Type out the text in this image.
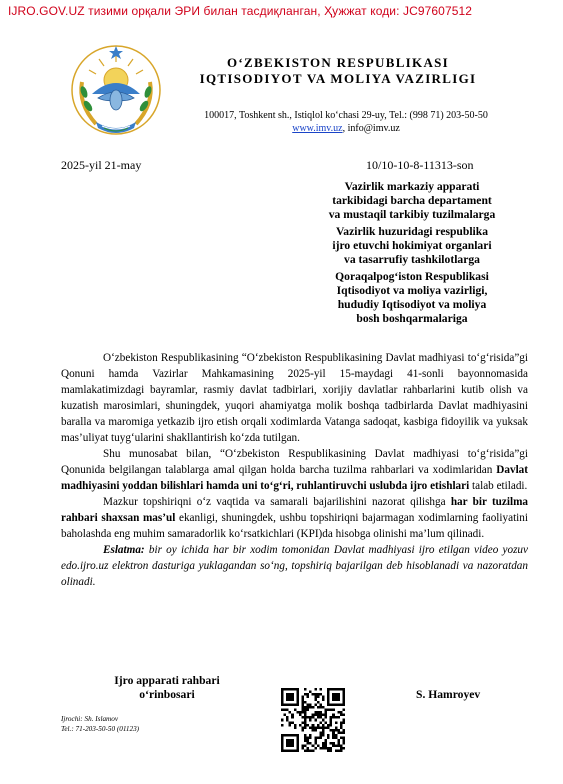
IJRO.GOV.UZ тизими орқали ЭРИ билан тасдиқланган, Ҳужжат коди: JC97607512
O‘ZBEKISTON RESPUBLIKASI
IQTISODIYOT VA MOLIYA VAZIRLIGI
100017, Toshkent sh., Istiqlol ko‘chasi 29-uy, Tel.: (998 71) 203-50-50
www.imv.uz, info@imv.uz
2025-yil 21-may	10/10-10-8-11313-son
Vazirlik markaziy apparati
tarkibidagi barcha departament
va mustaqil tarkibiy tuzilmalarga
Vazirlik huzuridagi respublika
ijro etuvchi hokimiyat organlari
va tasarrufiy tashkilotlarga
Qoraqalpog‘iston Respublikasi
Iqtisodiyot va moliya vazirligi,
hududiy Iqtisodiyot va moliya
bosh boshqarmalariga

O‘zbekiston Respublikasining “O‘zbekiston Respublikasining Davlat madhiyasi to‘g‘risida”gi Qonuni hamda Vazirlar Mahkamasining 2025-yil 15-maydagi 41-sonli bayonnomasida mamlakatimizdagi bayramlar, rasmiy davlat tadbirlari, xorijiy davlatlar rahbarlarini kutib olish va kuzatish marosimlari, shuningdek, yuqori ahamiyatga molik boshqa tadbirlarda Davlat madhiyasini baralla va maromiga yetkazib ijro etish orqali xodimlarda Vatanga sadoqat, kasbiga fidoyilik va yuksak mas’uliyat tuyg‘ularini shakllantirish ko‘zda tutilgan.

Shu munosabat bilan, “O‘zbekiston Respublikasining Davlat madhiyasi to‘g‘risida”gi Qonunida belgilangan talablarga amal qilgan holda barcha tuzilma rahbarlari va xodimlaridan Davlat madhiyasini yoddan bilishlari hamda uni to‘g‘ri, ruhlantiruvchi uslubda ijro etishlari talab etiladi.

Mazkur topshiriqni o‘z vaqtida va samarali bajarilishini nazorat qilishga har bir tuzilma rahbari shaxsan mas’ul ekanligi, shuningdek, ushbu topshiriqni bajarmagan xodimlarning faoliyatini baholashda eng muhim samaradorlik ko‘rsatkichlari (KPI)da hisobga olinishi ma’lum qilinadi.

Eslatma: bir oy ichida har bir xodim tomonidan Davlat madhiyasi ijro etilgan video yozuv edo.ijro.uz elektron dasturiga yuklagandan so‘ng, topshiriq bajarilgan deb hisoblanadi va nazoratdan olinadi.

Ijro apparati rahbari
o‘rinbosari	S. Hamroyev
Ijrochi: Sh. Islamov
Tel.: 71-203-50-50 (01123)
